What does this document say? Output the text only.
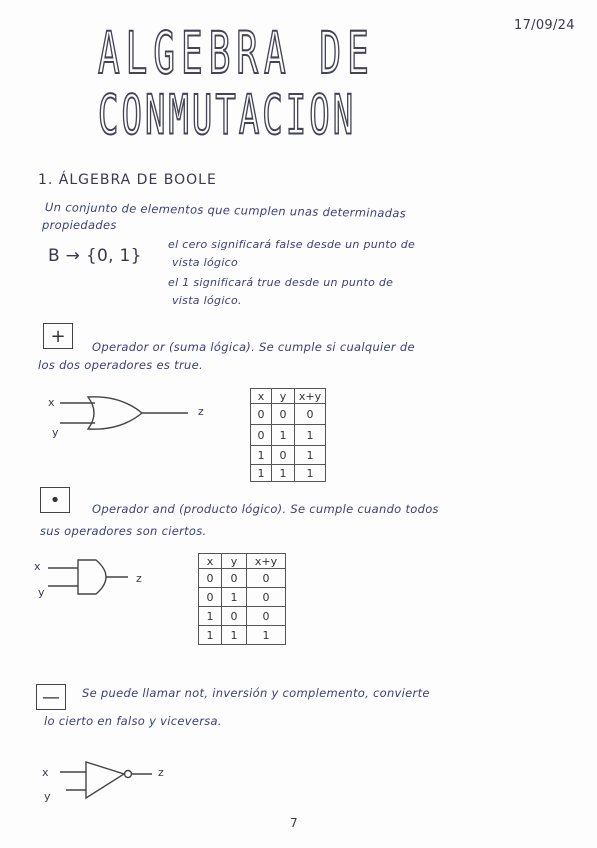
17/09/24
ALGEBRA DE
CONMUTACION
1. ÁLGEBRA DE BOOLE
Un conjunto de elementos que cumplen unas determinadas
propiedades
B → {0, 1}
el cero significará false desde un punto de
vista lógico
el 1 significará true desde un punto de
vista lógico.
+
Operador or (suma lógica). Se cumple si cualquier de
los dos operadores es true.
x
y
z
x	y	x+y
0	0	0
0	1	1
1	0	1
1	1	1
•	Operador and (producto lógico). Se cumple cuando todos
sus operadores son ciertos.
x
y
z
x	y	x+y
0	0	0
0	1	0
1	0	0
1	1	1
— Se puede llamar not, inversión y complemento, convierte
lo cierto en falso y viceversa.
x
y
z
7
